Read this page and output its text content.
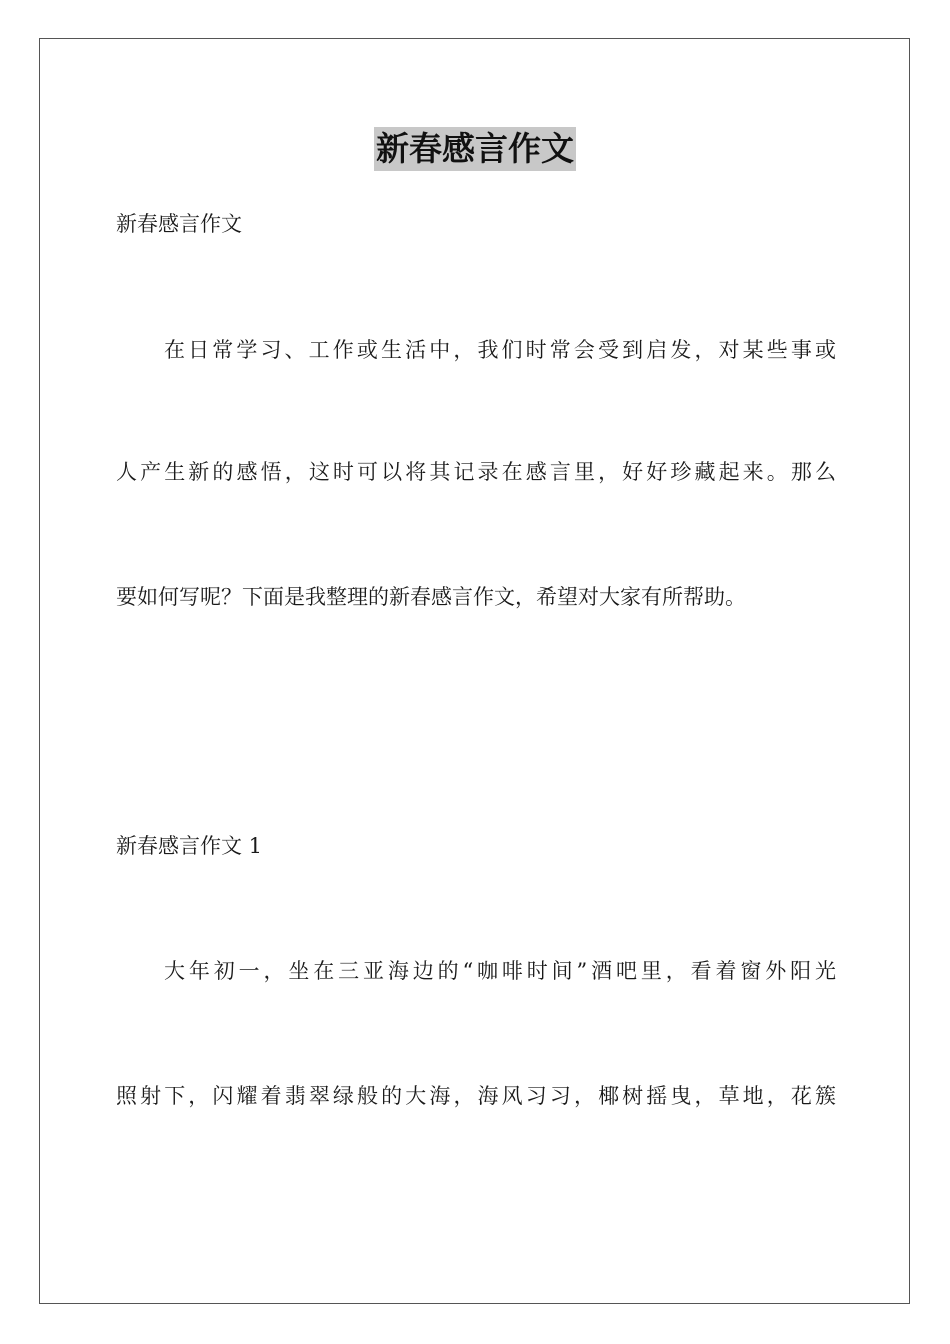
新春感言作文

新春感言作文

在日常学习、工作或生活中，我们时常会受到启发，对某些事或

人产生新的感悟，这时可以将其记录在感言里，好好珍藏起来。那么

要如何写呢？下面是我整理的新春感言作文，希望对大家有所帮助。

新春感言作文 1

大年初一，坐在三亚海边的“咖啡时间”酒吧里，看着窗外阳光

照射下，闪耀着翡翠绿般的大海，海风习习，椰树摇曳，草地，花簇
